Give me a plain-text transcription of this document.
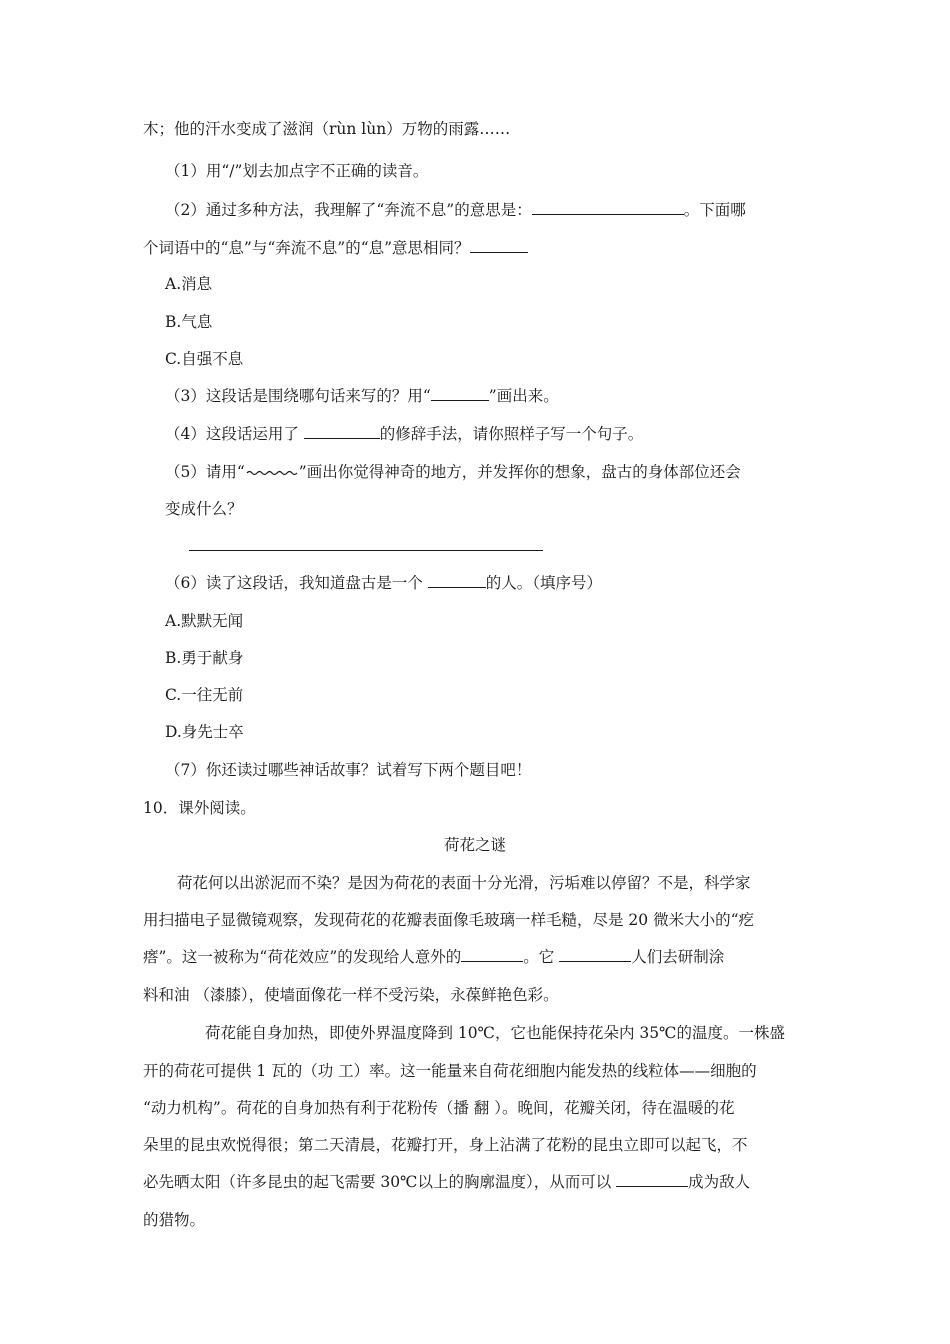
木；他的汗水变成了滋润（rùn lùn）万物的雨露……
（1）用“/”划去加点字不正确的读音。
（2）通过多种方法，我理解了“奔流不息”的意思是：	。下面哪
个词语中的“息”与“奔流不息”的“息”意思相同？
A.消息
B.气息
C.自强不息
（3）这段话是围绕哪句话来写的？用“	”画出来。
（4）这段话运用了	的修辞手法，请你照样子写一个句子。
（5）请用“	”画出你觉得神奇的地方，并发挥你的想象，盘古的身体部位还会
变成什么？
（6）读了这段话，我知道盘古是一个	的人。（填序号）
A.默默无闻
B.勇于献身
C.一往无前
D.身先士卒
（7）你还读过哪些神话故事？试着写下两个题目吧！
10．课外阅读。
荷花之谜
荷花何以出淤泥而不染？是因为荷花的表面十分光滑，污垢难以停留？不是，科学家
用扫描电子显微镜观察，发现荷花的花瓣表面像毛玻璃一样毛糙，尽是 20 微米大小的“疙
瘩”。这一被称为“荷花效应”的发现给人意外的	。它	人们去研制涂
料和油 （漆膝），使墙面像花一样不受污染，永葆鲜艳色彩。
荷花能自身加热，即使外界温度降到 10℃，它也能保持花朵内 35℃的温度。一株盛
开的荷花可提供 1 瓦的（功 工）率。这一能量来自荷花细胞内能发热的线粒体——细胞的
“动力机构”。荷花的自身加热有利于花粉传（播 翻 ）。晚间，花瓣关闭，待在温暖的花
朵里的昆虫欢悦得很；第二天清晨，花瓣打开，身上沾满了花粉的昆虫立即可以起飞，不
必先晒太阳（许多昆虫的起飞需要 30℃以上的胸廓温度），从而可以	成为敌人
的猎物。
